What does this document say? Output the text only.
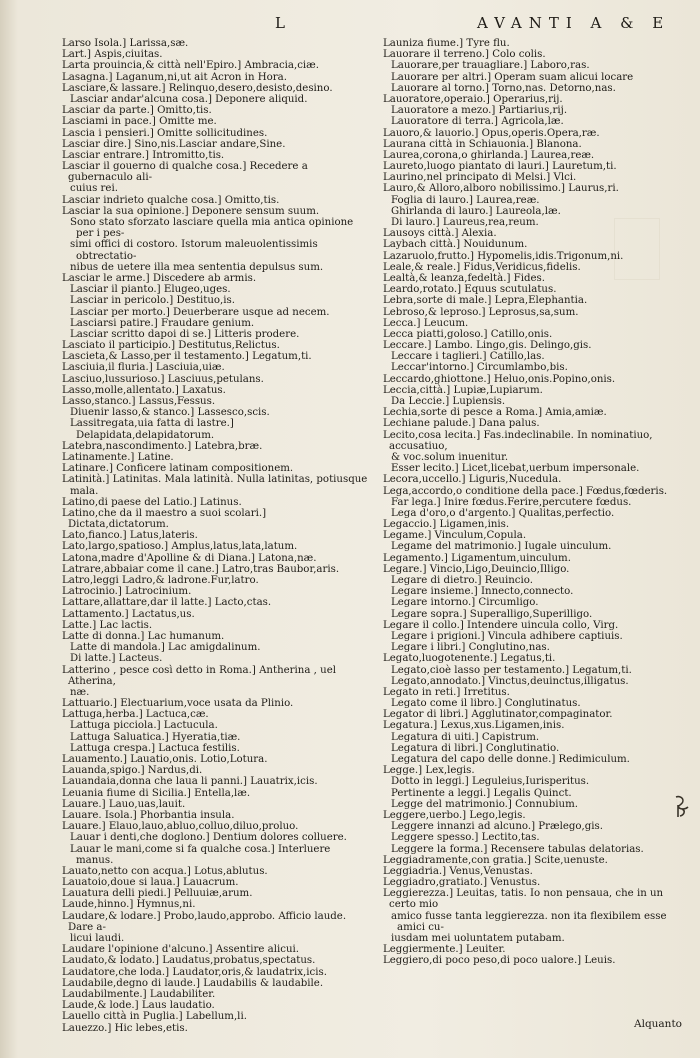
L	AVANTI A & E
Larso Isola.] Larissa,sæ.
Lart.] Aspis,ciuitas.
Larta prouincia,& città nell'Epiro.] Ambracia,ciæ.
Lasagna.] Laganum,ni,ut ait Acron in Hora.
Lasciare,& lassare.] Relinquo,desero,desisto,desino.
Lasciar andar'alcuna cosa.] Deponere aliquid.
Lasciar da parte.] Omitto,tis.
Lasciami in pace.] Omitte me.
Lascia i pensieri.] Omitte sollicitudines.
Lasciar dire.] Sino,nis.Lasciar andare,Sine.
Lasciar entrare.] Intromitto,tis.
Lasciar il gouerno di qualche cosa.] Recedere a gubernaculo ali-
cuius rei.
Lasciar indrieto qualche cosa.] Omitto,tis.
Lasciar la sua opinione.] Deponere sensum suum.
Sono stato sforzato lasciare quella mia antica opinione per i pes-
simi offici di costoro. Istorum maleuolentissimis obtrectatio-
nibus de uetere illa mea sententia depulsus sum.
Lasciar le arme.] Discedere ab armis.
Lasciar il pianto.] Elugeo,uges.
Lasciar in pericolo.] Destituo,is.
Lasciar per morto.] Deuerberare usque ad necem.
Lasciarsi patire.] Fraudare genium.
Lasciar scritto dapoi di se.] Litteris prodere.
Lasciato il participio.] Destitutus,Relictus.
Lascieta,& Lasso,per il testamento.] Legatum,ti.
Lasciuia,il fluria.] Lasciuia,uiæ.
Lasciuo,lussurioso.] Lasciuus,petulans.
Lasso,molle,allentato.] Laxatus.
Lasso,stanco.] Lassus,Fessus.
Diuenir lasso,& stanco.] Lassesco,scis.
Lassitregata,uia fatta di lastre.] Delapidata,delapidatorum.
Latebra,nascondimento.] Latebra,bræ.
Latinamente.] Latine.
Latinare.] Conficere latinam compositionem.
Latinità.] Latinitas. Mala latinità. Nulla latinitas, potiusque
mala.
Latino,di paese del Latio.] Latinus.
Latino,che da il maestro a suoi scolari.] Dictata,dictatorum.
Lato,fianco.] Latus,lateris.
Lato,largo,spatioso.] Amplus,latus,lata,latum.
Latona,madre d'Apolline & di Diana.] Latona,næ.
Latrare,abbaiar come il cane.] Latro,tras Baubor,aris.
Latro,leggi Ladro,& ladrone.Fur,latro.
Latrocinio.] Latrocinium.
Lattare,allattare,dar il latte.] Lacto,ctas.
Lattamento.] Lactatus,us.
Latte.] Lac lactis.
Latte di donna.] Lac humanum.
Latte di mandola.] Lac amigdalinum.
Di latte.] Lacteus.
Latterino , pesce così detto in Roma.] Antherina , uel Atherina,
næ.
Lattuario.] Electuarium,voce usata da Plinio.
Lattuga,herba.] Lactuca,cæ.
Lattuga picciola.] Lactucula.
Lattuga Saluatica.] Hyeratia,tiæ.
Lattuga crespa.] Lactuca festilis.
Lauamento.] Lauatio,onis. Lotio,Lotura.
Lauanda,spigo.] Nardus,di.
Lauandaia,donna che laua li panni.] Lauatrix,icis.
Leuania fiume di Sicilia.] Entella,læ.
Lauare.] Lauo,uas,lauit.
Lauare. Isola.] Phorbantia insula.
Lauare.] Elauo,lauo,abluo,colluo,diluo,proluo.
Lauar i denti,che doglono.] Dentium dolores colluere.
Lauar le mani,come si fa qualche cosa.] Interluere manus.
Lauato,netto con acqua.] Lotus,ablutus.
Lauatoio,doue si laua.] Lauacrum.
Lauatura delli piedi.] Pelluuiæ,arum.
Laude,hinno.] Hymnus,ni.
Laudare,& lodare.] Probo,laudo,approbo. Afficio laude. Dare a-
licui laudi.
Laudare l'opinione d'alcuno.] Assentire alicui.
Laudato,& lodato.] Laudatus,probatus,spectatus.
Laudatore,che loda.] Laudator,oris,& laudatrix,icis.
Laudabile,degno di laude.] Laudabilis & laudabile.
Laudabilmente.] Laudabiliter.
Laude,& lode.] Laus laudatio.
Lauello città in Puglia.] Labellum,li.
Lauezzo.] Hic lebes,etis.
Launiza fiume.] Tyre flu.
Lauorare il terreno.] Colo colis.
Lauorare,per trauagliare.] Laboro,ras.
Lauorare per altri.] Operam suam alicui locare
Lauorare al torno.] Torno,nas. Detorno,nas.
Lauoratore,operaio.] Operarius,rij.
Lauoratore a mezo.] Partiarius,rij.
Lauoratore di terra.] Agricola,læ.
Lauoro,& lauorio.] Opus,operis.Opera,ræ.
Laurana città in Schiauonia.] Blanona.
Laurea,corona,o ghirlanda.] Laurea,reæ.
Laureto,luogo piantato di lauri.] Lauretum,ti.
Laurino,nel principato di Melsi.] Vlci.
Lauro,& Alloro,alboro nobilissimo.] Laurus,ri.
Foglia di lauro.] Laurea,reæ.
Ghirlanda di lauro.] Laureola,læ.
Di lauro.] Laureus,rea,reum.
Lausoys città.] Alexia.
Laybach città.] Nouidunum.
Lazaruolo,frutto.] Hypomelis,idis.Trigonum,ni.
Leale,& reale.] Fidus,Veridicus,fidelis.
Lealtà,& leanza,fedeltà.] Fides.
Leardo,rotato.] Equus scutulatus.
Lebra,sorte di male.] Lepra,Elephantia.
Lebroso,& leproso.] Leprosus,sa,sum.
Lecca.] Leucum.
Lecca piatti,goloso.] Catillo,onis.
Leccare.] Lambo. Lingo,gis. Delingo,gis.
Leccare i taglieri.] Catillo,las.
Leccar'intorno.] Circumlambo,bis.
Leccardo,ghiottone.] Heluo,onis.Popino,onis.
Leccia,città.] Lupiæ,Lupiarum.
Da Leccie.] Lupiensis.
Lechia,sorte di pesce a Roma.] Amia,amiæ.
Lechiane palude.] Dana palus.
Lecito,cosa lecita.] Fas.indeclinabile. In nominatiuo, accusatiuo,
& voc.solum inuenitur.
Esser lecito.] Licet,licebat,uerbum impersonale.
Lecora,uccello.] Liguris,Nucedula.
Lega,accordo,o conditione della pace.] Fœdus,fœderis.
Far lega.] Inire fœdus.Ferire,percutere fœdus.
Lega d'oro,o d'argento.] Qualitas,perfectio.
Legaccio.] Ligamen,inis.
Legame.] Vinculum,Copula.
Legame del matrimonio.] Iugale uinculum.
Legamento.] Ligamentum,uinculum.
Legare.] Vincio,Ligo,Deuincio,Illigo.
Legare di dietro.] Reuincio.
Legare insieme.] Innecto,connecto.
Legare intorno.] Circumligo.
Legare sopra.] Superalligo,Superilligo.
Legare il collo.] Intendere uincula collo, Virg.
Legare i prigioni.] Vincula adhibere captiuis.
Legare i libri.] Conglutino,nas.
Legato,luogotenente.] Legatus,ti.
Legato,cioè lasso per testamento.] Legatum,ti.
Legato,annodato.] Vinctus,deuinctus,illigatus.
Legato in reti.] Irretitus.
Legato come il libro.] Conglutinatus.
Legator di libri.] Agglutinator,compaginator.
Legatura.] Lexus,xus.Ligamen,inis.
Legatura di uiti.] Capistrum.
Legatura di libri.] Conglutinatio.
Legatura del capo delle donne.] Redimiculum.
Legge.] Lex,legis.
Dotto in leggi.] Leguleius,Iurisperitus.
Pertinente a leggi.] Legalis Quinct.
Legge del matrimonio.] Connubium.
Leggere,uerbo.] Lego,legis.
Leggere innanzi ad alcuno.] Prælego,gis.
Leggere spesso.] Lectito,tas.
Leggere la forma.] Recensere tabulas delatorias.
Leggiadramente,con gratia.] Scite,uenuste.
Leggiadria.] Venus,Venustas.
Leggiadro,gratiato.] Venustus.
Leggierezza.] Leuitas, tatis. Io non pensaua, che in un certo mio
amico fusse tanta leggierezza. non ita flexibilem esse amici cu-
iusdam mei uoluntatem putabam.
Leggiermente.] Leuiter.
Leggiero,di poco peso,di poco ualore.] Leuis.
Alquanto
